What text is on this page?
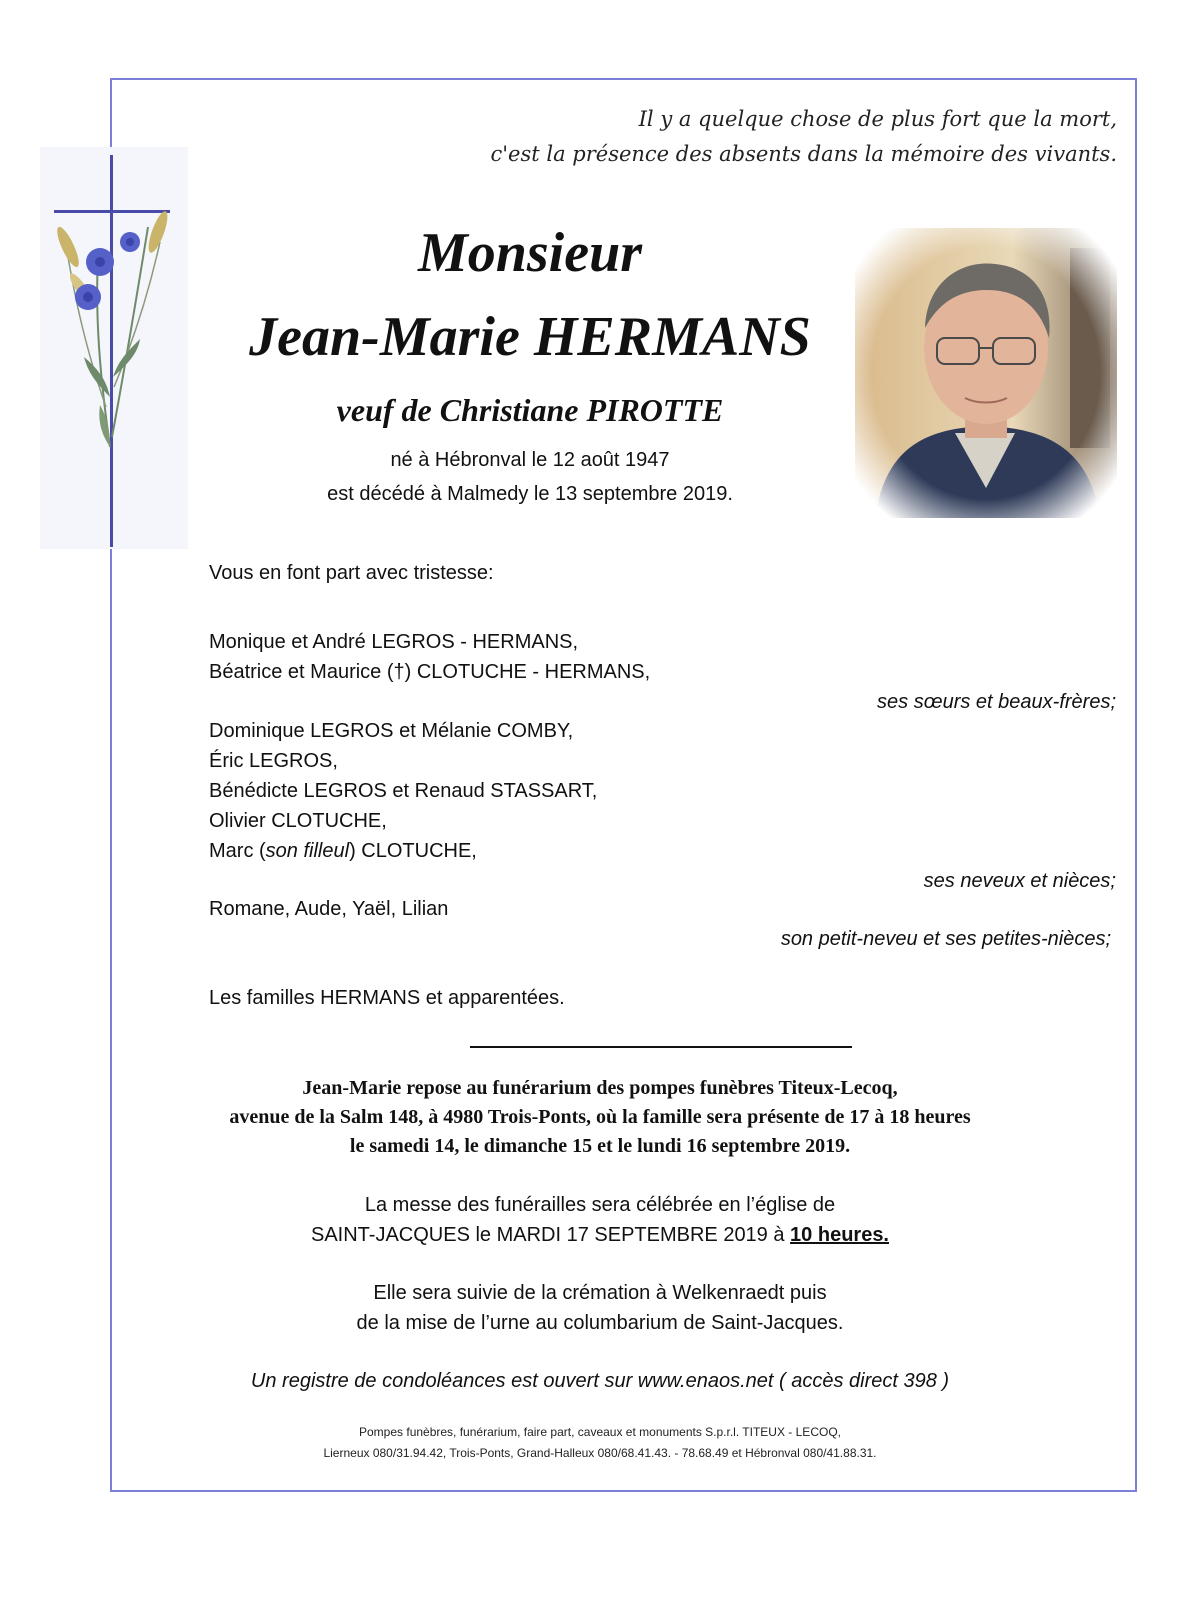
Il y a quelque chose de plus fort que la mort,
c'est la présence des absents dans la mémoire des vivants.
Monsieur
Jean-Marie HERMANS
veuf de Christiane PIROTTE
né à Hébronval le 12 août 1947
est décédé à Malmedy le 13 septembre 2019.
Vous en font part avec tristesse:
Monique et André LEGROS - HERMANS,
Béatrice et Maurice (†) CLOTUCHE - HERMANS,
ses sœurs et beaux-frères;
Dominique LEGROS et Mélanie COMBY,
Éric LEGROS,
Bénédicte LEGROS et Renaud STASSART,
Olivier CLOTUCHE,
Marc (son filleul) CLOTUCHE,
ses neveux et nièces;
Romane, Aude, Yaël, Lilian
son petit-neveu et ses petites-nièces;
Les familles HERMANS et apparentées.
Jean-Marie repose au funérarium des pompes funèbres Titeux-Lecoq,
avenue de la Salm 148, à 4980 Trois-Ponts, où la famille sera présente de 17 à 18 heures
le samedi 14, le dimanche 15 et le lundi 16 septembre 2019.
La messe des funérailles sera célébrée en l’église de
SAINT-JACQUES le MARDI 17 SEPTEMBRE 2019 à 10 heures.
Elle sera suivie de la crémation à Welkenraedt puis
de la mise de l’urne au columbarium de Saint-Jacques.
Un registre de condoléances est ouvert sur www.enaos.net ( accès direct 398 )
Pompes funèbres, funérarium, faire part, caveaux et monuments S.p.r.l. TITEUX - LECOQ,
Lierneux 080/31.94.42, Trois-Ponts, Grand-Halleux 080/68.41.43. - 78.68.49 et Hébronval 080/41.88.31.
